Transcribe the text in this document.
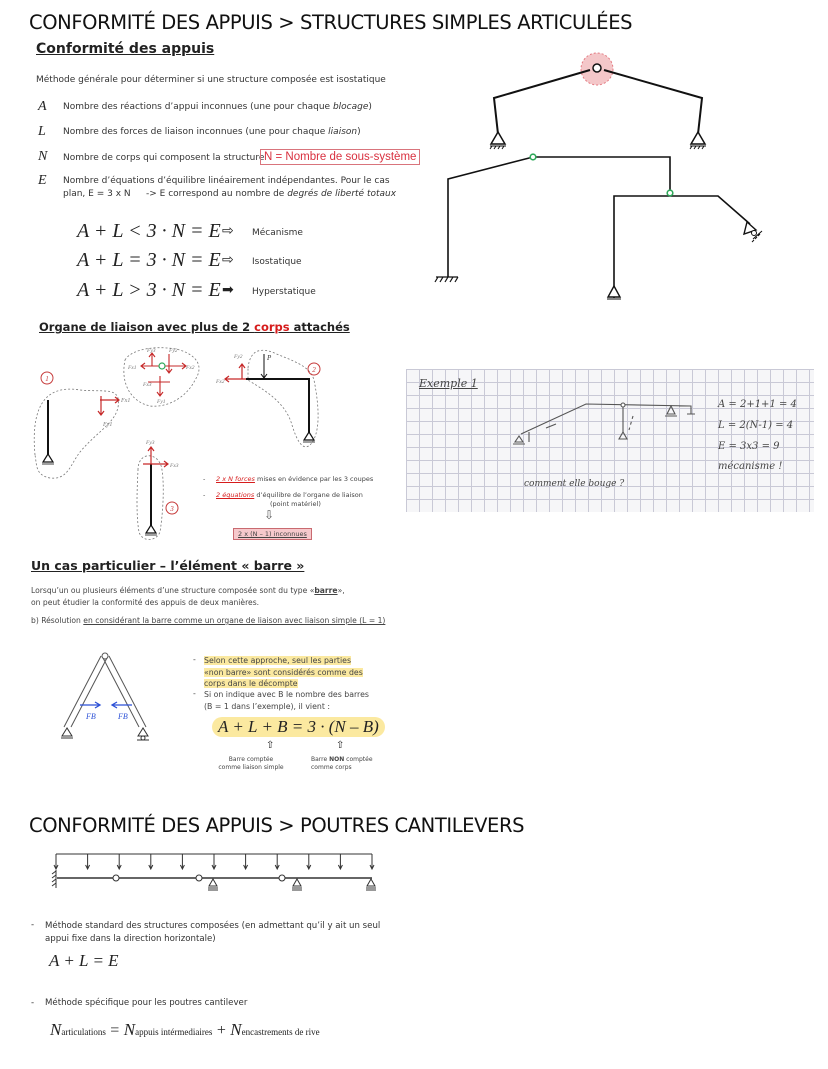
CONFORMITÉ DES APPUIS > STRUCTURES SIMPLES ARTICULÉES
Conformité des appuis
Méthode générale pour déterminer si une structure composée est isostatique
A Nombre des réactions d’appui inconnues (une pour chaque blocage)
L Nombre des forces de liaison inconnues (une pour chaque liaison)
N Nombre de corps qui composent la structure N = Nombre de sous-système
E Nombre d’équations d’équilibre linéairement indépendantes. Pour le cas
plan, E = 3 x N -> E correspond au nombre de degrés de liberté totaux
A + L < 3 · N = E ⇨ Mécanisme
A + L = 3 · N = E ⇨ Isostatique
A + L > 3 · N = E ➡ Hyperstatique
Organe de liaison avec plus de 2 corps attachés
1
Fx1
Fy1
Fx1	Fx2
Fy3 Fy2
Fx3
Fy1
2
P
Fx2
Fy2
3
Fy3
Fx3
- 2 x N forces mises en évidence par les 3 coupes
- 2 équations d’équilibre de l’organe de liaison
(point matériel)
⇩
2 x (N – 1) inconnues
Exemple 1
A = 2+1+1 = 4
L = 2(N-1) = 4
E = 3x3 = 9
mécanisme !
comment elle bouge ?
Un cas particulier – l’élément « barre »
Lorsqu’un ou plusieurs éléments d’une structure composée sont du type «barre»,
on peut étudier la conformité des appuis de deux manières.
b) Résolution en considérant la barre comme un organe de liaison avec liaison simple (L = 1)
FB	FB
- Selon cette approche, seul les parties
«non barre» sont considérés comme des
corps dans le décompte
- Si on indique avec B le nombre des barres
(B = 1 dans l’exemple), il vient :
A + L + B = 3 · (N – B)
⇧	⇧
Barre comptée
comme liaison simple
Barre NON comptée
comme corps
CONFORMITÉ DES APPUIS > POUTRES CANTILEVERS
- Méthode standard des structures composées (en admettant qu’il y ait un seul
appui fixe dans la direction horizontale)
A + L = E
- Méthode spécifique pour les poutres cantilever
Narticulations = Nappuis intérmediaires + Nencastrements de rive
